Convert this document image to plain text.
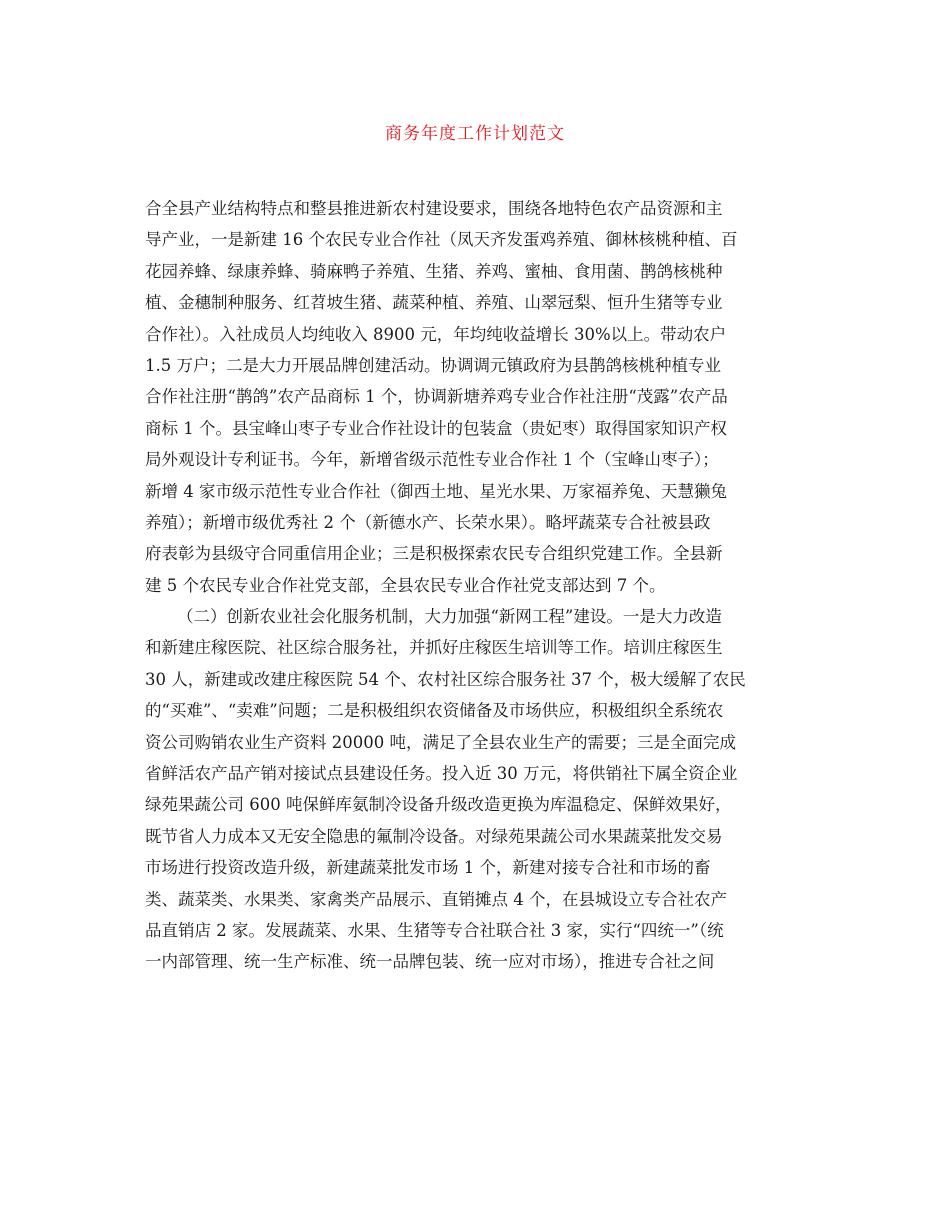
商务年度工作计划范文
合全县产业结构特点和整县推进新农村建设要求，围绕各地特色农产品资源和主
导产业，一是新建 16 个农民专业合作社（凤天齐发蛋鸡养殖、御林核桃种植、百
花园养蜂、绿康养蜂、骑麻鸭子养殖、生猪、养鸡、蜜柚、食用菌、鹊鸽核桃种
植、金穗制种服务、红苕坡生猪、蔬菜种植、养殖、山翠冠梨、恒升生猪等专业
合作社）。入社成员人均纯收入 8900 元，年均纯收益增长 30%以上。带动农户
1.5 万户；二是大力开展品牌创建活动。协调调元镇政府为县鹊鸽核桃种植专业
合作社注册“鹊鸽”农产品商标 1 个，协调新塘养鸡专业合作社注册“茂露”农产品
商标 1 个。县宝峰山枣子专业合作社设计的包装盒（贵妃枣）取得国家知识产权
局外观设计专利证书。今年，新增省级示范性专业合作社 1 个（宝峰山枣子）；
新增 4 家市级示范性专业合作社（御西土地、星光水果、万家福养兔、天慧獭兔
养殖）；新增市级优秀社 2 个（新德水产、长荣水果）。略坪蔬菜专合社被县政
府表彰为县级守合同重信用企业；三是积极探索农民专合组织党建工作。全县新
建 5 个农民专业合作社党支部，全县农民专业合作社党支部达到 7 个。
（二）创新农业社会化服务机制，大力加强“新网工程”建设。一是大力改造
和新建庄稼医院、社区综合服务社，并抓好庄稼医生培训等工作。培训庄稼医生
30 人，新建或改建庄稼医院 54 个、农村社区综合服务社 37 个，极大缓解了农民
的“买难”、“卖难”问题；二是积极组织农资储备及市场供应，积极组织全系统农
资公司购销农业生产资料 20000 吨，满足了全县农业生产的需要；三是全面完成
省鲜活农产品产销对接试点县建设任务。投入近 30 万元，将供销社下属全资企业
绿苑果蔬公司 600 吨保鲜库氨制冷设备升级改造更换为库温稳定、保鲜效果好，
既节省人力成本又无安全隐患的氟制冷设备。对绿苑果蔬公司水果蔬菜批发交易
市场进行投资改造升级，新建蔬菜批发市场 1 个，新建对接专合社和市场的畜
类、蔬菜类、水果类、家禽类产品展示、直销摊点 4 个，在县城设立专合社农产
品直销店 2 家。发展蔬菜、水果、生猪等专合社联合社 3 家，实行“四统一”（统
一内部管理、统一生产标准、统一品牌包装、统一应对市场），推进专合社之间
